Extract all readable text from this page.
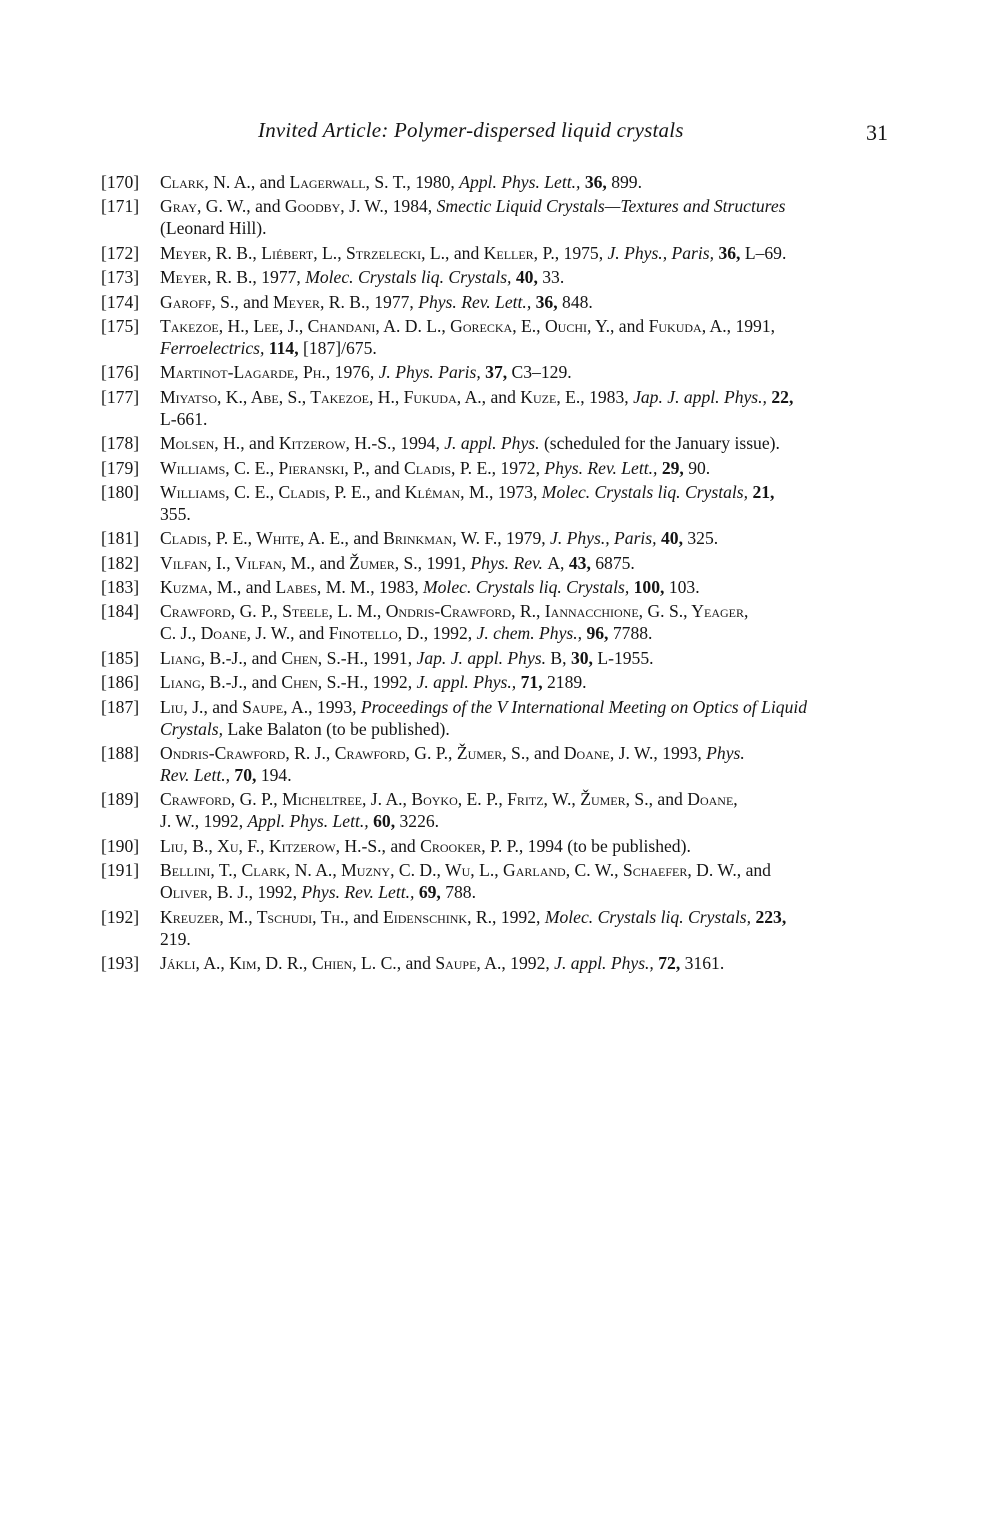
Invited Article: Polymer-dispersed liquid crystals	31
[170] Clark, N. A., and Lagerwall, S. T., 1980, Appl. Phys. Lett., 36, 899.
[171] Gray, G. W., and Goodby, J. W., 1984, Smectic Liquid Crystals—Textures and Structures
(Leonard Hill).
[172] Meyer, R. B., Liébert, L., Strzelecki, L., and Keller, P., 1975, J. Phys., Paris, 36, L–69.
[173] Meyer, R. B., 1977, Molec. Crystals liq. Crystals, 40, 33.
[174] Garoff, S., and Meyer, R. B., 1977, Phys. Rev. Lett., 36, 848.
[175] Takezoe, H., Lee, J., Chandani, A. D. L., Gorecka, E., Ouchi, Y., and Fukuda, A., 1991,
Ferroelectrics, 114, [187]/675.
[176] Martinot-Lagarde, Ph., 1976, J. Phys. Paris, 37, C3–129.
[177] Miyatso, K., Abe, S., Takezoe, H., Fukuda, A., and Kuze, E., 1983, Jap. J. appl. Phys., 22,
L-661.
[178] Molsen, H., and Kitzerow, H.-S., 1994, J. appl. Phys. (scheduled for the January issue).
[179] Williams, C. E., Pieranski, P., and Cladis, P. E., 1972, Phys. Rev. Lett., 29, 90.
[180] Williams, C. E., Cladis, P. E., and Kléman, M., 1973, Molec. Crystals liq. Crystals, 21,
355.
[181] Cladis, P. E., White, A. E., and Brinkman, W. F., 1979, J. Phys., Paris, 40, 325.
[182] Vilfan, I., Vilfan, M., and Žumer, S., 1991, Phys. Rev. A, 43, 6875.
[183] Kuzma, M., and Labes, M. M., 1983, Molec. Crystals liq. Crystals, 100, 103.
[184] Crawford, G. P., Steele, L. M., Ondris-Crawford, R., Iannacchione, G. S., Yeager,
C. J., Doane, J. W., and Finotello, D., 1992, J. chem. Phys., 96, 7788.
[185] Liang, B.-J., and Chen, S.-H., 1991, Jap. J. appl. Phys. B, 30, L-1955.
[186] Liang, B.-J., and Chen, S.-H., 1992, J. appl. Phys., 71, 2189.
[187] Liu, J., and Saupe, A., 1993, Proceedings of the V International Meeting on Optics of Liquid
Crystals, Lake Balaton (to be published).
[188] Ondris-Crawford, R. J., Crawford, G. P., Žumer, S., and Doane, J. W., 1993, Phys.
Rev. Lett., 70, 194.
[189] Crawford, G. P., Micheltree, J. A., Boyko, E. P., Fritz, W., Žumer, S., and Doane,
J. W., 1992, Appl. Phys. Lett., 60, 3226.
[190] Liu, B., Xu, F., Kitzerow, H.-S., and Crooker, P. P., 1994 (to be published).
[191] Bellini, T., Clark, N. A., Muzny, C. D., Wu, L., Garland, C. W., Schaefer, D. W., and
Oliver, B. J., 1992, Phys. Rev. Lett., 69, 788.
[192] Kreuzer, M., Tschudi, Th., and Eidenschink, R., 1992, Molec. Crystals liq. Crystals, 223,
219.
[193] Jákli, A., Kim, D. R., Chien, L. C., and Saupe, A., 1992, J. appl. Phys., 72, 3161.
